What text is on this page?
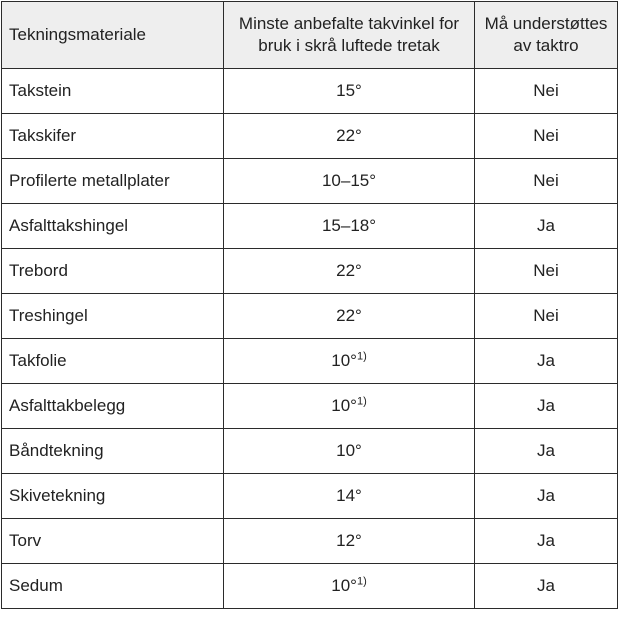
Tekningsmateriale	Minste anbefalte takvinkel for bruk i skrå luftede tretak	Må understøttes av taktro
Takstein	15°	Nei
Takskifer	22°	Nei
Profilerte metallplater	10–15°	Nei
Asfalttakshingel	15–18°	Ja
Trebord	22°	Nei
Treshingel	22°	Nei
Takfolie	10°$^{1)}$	Ja
Asfalttakbelegg	10°$^{1)}$	Ja
Båndtekning	10°	Ja
Skivetekning	14°	Ja
Torv	12°	Ja
Sedum	10°$^{1)}$	Ja
